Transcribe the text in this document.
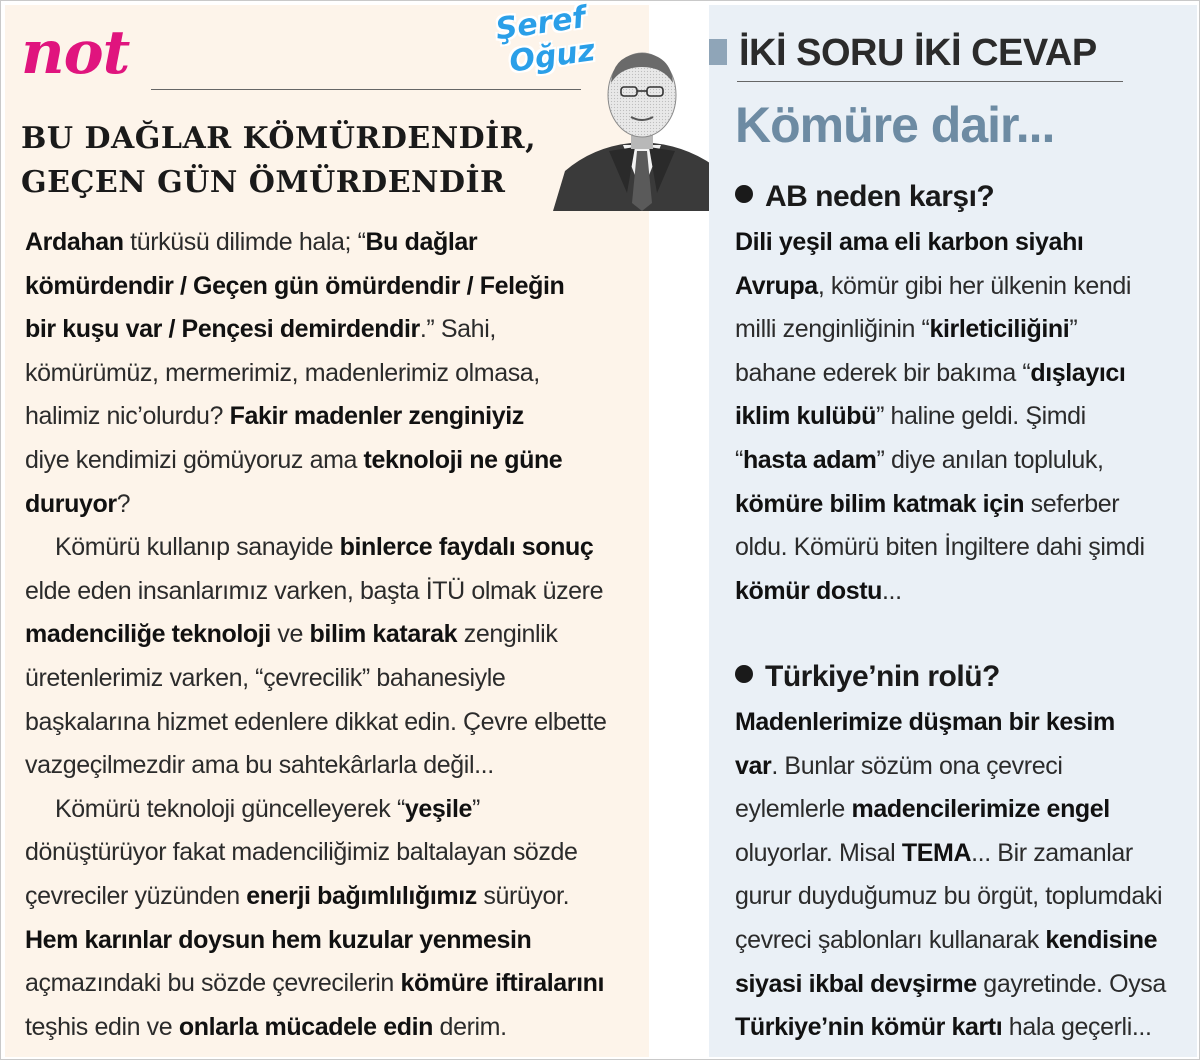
not
BU DAĞLAR KÖMÜRDENDİR,
GEÇEN GÜN ÖMÜRDENDİR
Şeref
Oğuz
Ardahan türküsü dilimde hala; “Bu dağlar
kömürdendir / Geçen gün ömürdendir / Feleğin
bir kuşu var / Pençesi demirdendir.” Sahi,
kömürümüz, mermerimiz, madenlerimiz olmasa,
halimiz nic’olurdu? Fakir madenler zenginiyiz
diye kendimizi gömüyoruz ama teknoloji ne güne
duruyor?
Kömürü kullanıp sanayide binlerce faydalı sonuç
elde eden insanlarımız varken, başta İTÜ olmak üzere
madenciliğe teknoloji ve bilim katarak zenginlik
üretenlerimiz varken, “çevrecilik” bahanesiyle
başkalarına hizmet edenlere dikkat edin. Çevre elbette
vazgeçilmezdir ama bu sahtekârlarla değil...
Kömürü teknoloji güncelleyerek “yeşile”
dönüştürüyor fakat madenciliğimiz baltalayan sözde
çevreciler yüzünden enerji bağımlılığımız sürüyor.
Hem karınlar doysun hem kuzular yenmesin
açmazındaki bu sözde çevrecilerin kömüre iftiralarını
teşhis edin ve onlarla mücadele edin derim.
İKİ SORU İKİ CEVAP
Kömüre dair...
AB neden karşı?
Dili yeşil ama eli karbon siyahı
Avrupa, kömür gibi her ülkenin kendi
milli zenginliğinin “kirleticiliğini”
bahane ederek bir bakıma “dışlayıcı
iklim kulübü” haline geldi. Şimdi
“hasta adam” diye anılan topluluk,
kömüre bilim katmak için seferber
oldu. Kömürü biten İngiltere dahi şimdi
kömür dostu...
Türkiye’nin rolü?
Madenlerimize düşman bir kesim
var. Bunlar sözüm ona çevreci
eylemlerle madencilerimize engel
oluyorlar. Misal TEMA... Bir zamanlar
gurur duyduğumuz bu örgüt, toplumdaki
çevreci şablonları kullanarak kendisine
siyasi ikbal devşirme gayretinde. Oysa
Türkiye’nin kömür kartı hala geçerli...
